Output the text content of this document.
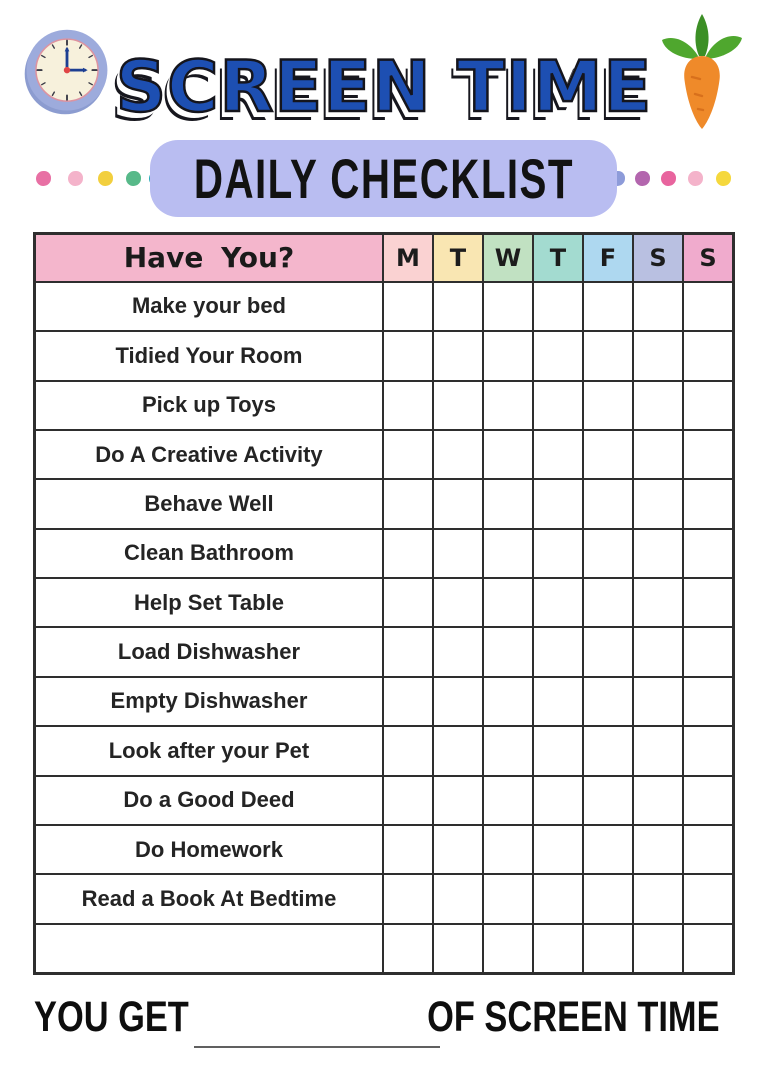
SCREEN TIME
DAILY CHECKLIST
Have You?	M	T	W	T	F	S	S
Make your bed
Tidied Your Room
Pick up Toys
Do A Creative Activity
Behave Well
Clean Bathroom
Help Set Table
Load Dishwasher
Empty Dishwasher
Look after your Pet
Do a Good Deed
Do Homework
Read a Book At Bedtime
YOU GET	OF SCREEN TIME
